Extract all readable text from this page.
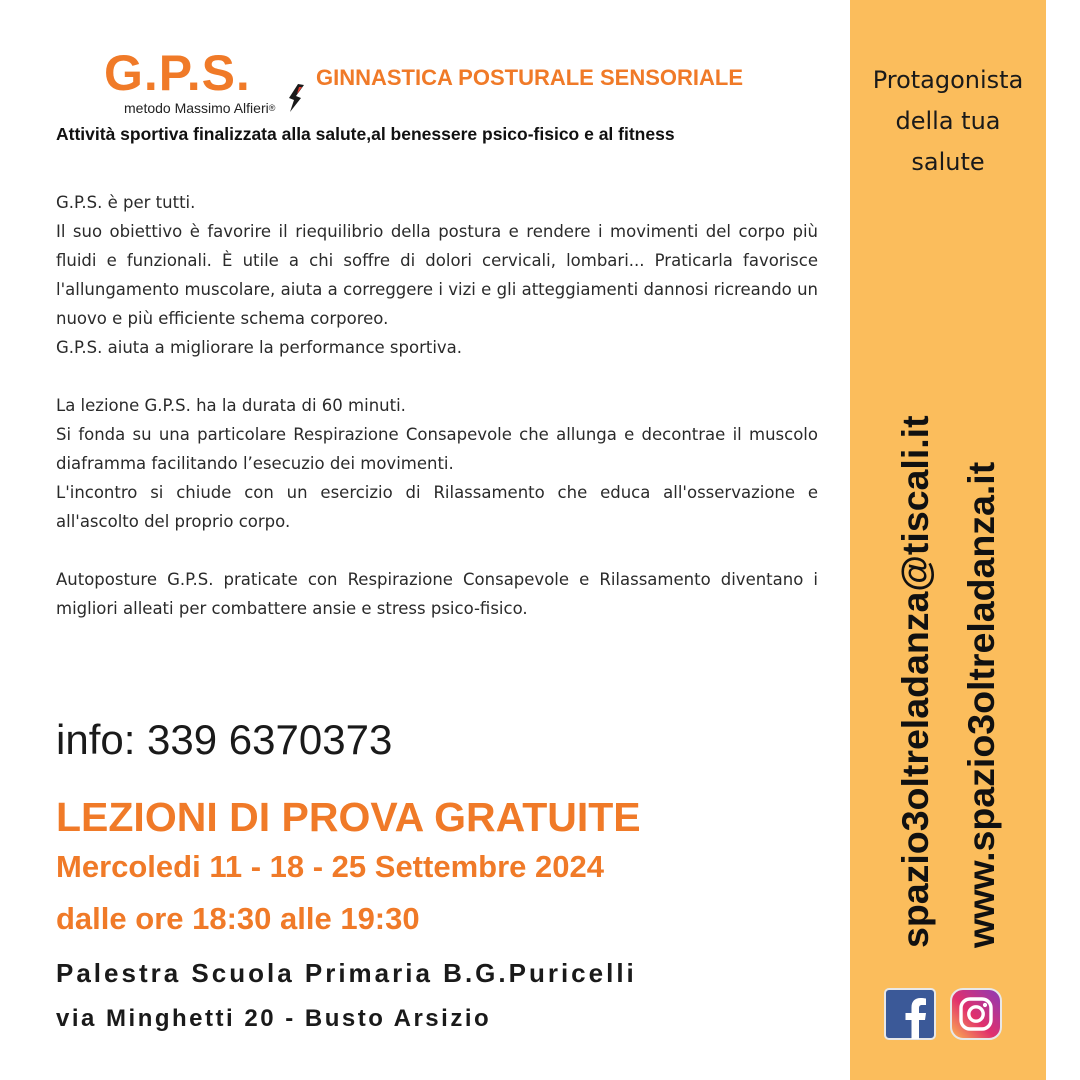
G.P.S.
metodo Massimo Alfieri®
GINNASTICA POSTURALE SENSORIALE
Attività sportiva finalizzata alla salute,al benessere psico-fisico e al fitness

G.P.S. è per tutti.

Il suo obiettivo è favorire il riequilibrio della postura e rendere i movimenti del corpo più fluidi e funzionali. È utile a chi soffre di dolori cervicali, lombari... Praticarla favorisce l'allungamento muscolare, aiuta a correggere i vizi e gli atteggiamenti dannosi ricreando un nuovo e più efficiente schema corporeo.

G.P.S. aiuta a migliorare la performance sportiva.

La lezione G.P.S. ha la durata di 60 minuti.

Si fonda su una particolare Respirazione Consapevole che allunga e decontrae il muscolo diaframma facilitando l’esecuzio dei movimenti.

L'incontro si chiude con un esercizio di Rilassamento che educa all'osservazione e all'ascolto del proprio corpo.

Autoposture G.P.S. praticate con Respirazione Consapevole e Rilassamento diventano i migliori alleati per combattere ansie e stress psico-fisico.

info: 339 6370373
LEZIONI DI PROVA GRATUITE
Mercoledi 11 - 18 - 25 Settembre 2024
dalle ore 18:30 alle 19:30
Palestra Scuola Primaria B.G.Puricelli
via Minghetti 20 - Busto Arsizio
Protagonista
della tua
salute
spazio3oltreladanza@tiscali.it www.spazio3oltreladanza.it
